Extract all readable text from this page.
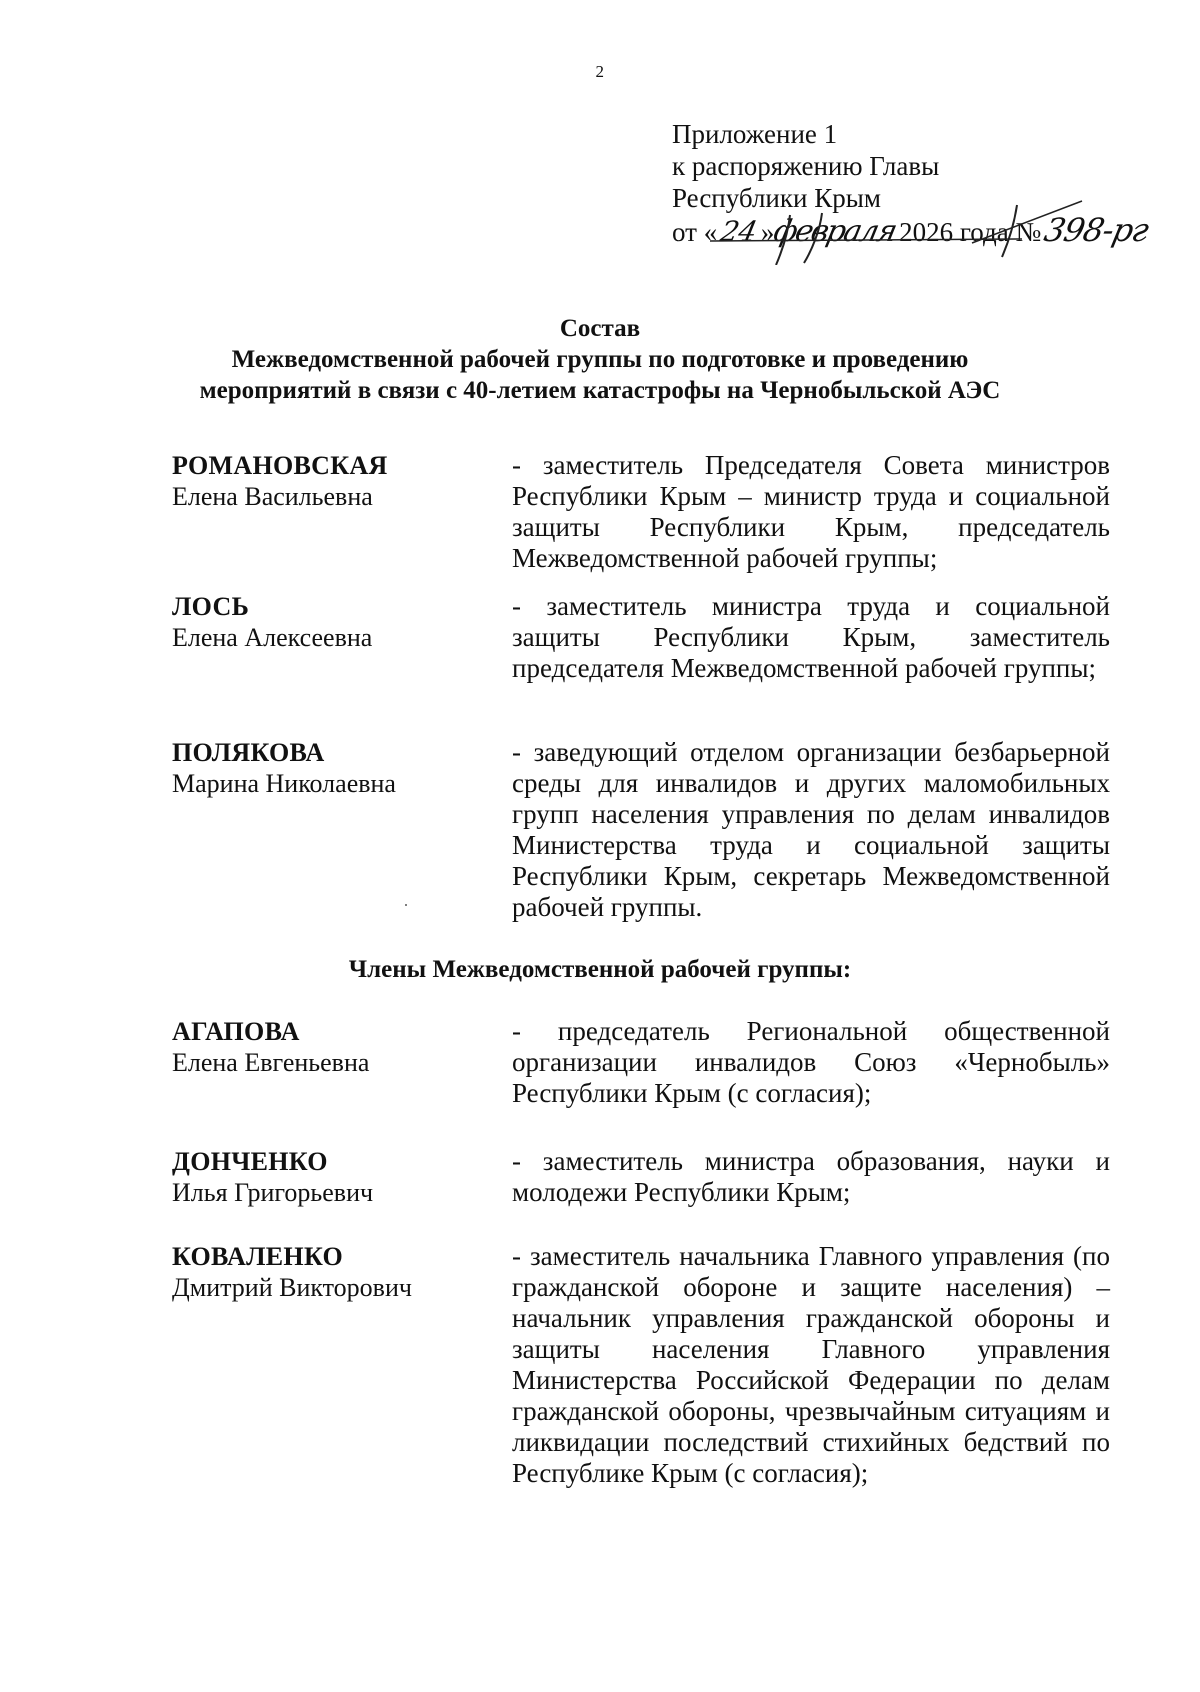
2
Приложение 1
к распоряжению Главы
Республики Крым
от «24»февраля2026 года №398-рг
Состав
Межведомственной рабочей группы по подготовке и проведению
мероприятий в связи с 40-летием катастрофы на Чернобыльской АЭС
РОМАНОВСКАЯ
Елена Васильевна
- заместитель Председателя Совета министров Республики Крым – министр труда и социальной защиты Республики Крым, председатель Межведомственной рабочей группы;
ЛОСЬ
Елена Алексеевна
- заместитель министра труда и социальной защиты Республики Крым, заместитель председателя Межведомственной рабочей группы;
ПОЛЯКОВА
Марина Николаевна
- заведующий отделом организации безбарьерной среды для инвалидов и других маломобильных групп населения управления по делам инвалидов Министерства труда и социальной защиты Республики Крым, секретарь Межведомственной рабочей группы.
Члены Межведомственной рабочей группы:
АГАПОВА
Елена Евгеньевна
- председатель Региональной общественной организации инвалидов Союз «Чернобыль» Республики Крым (с согласия);
ДОНЧЕНКО
Илья Григорьевич
- заместитель министра образования, науки и молодежи Республики Крым;
КОВАЛЕНКО
Дмитрий Викторович
- заместитель начальника Главного управления (по гражданской обороне и защите населения) – начальник управления гражданской обороны и защиты населения Главного управления Министерства Российской Федерации по делам гражданской обороны, чрезвычайным ситуациям и ликвидации последствий стихийных бедствий по Республике Крым (с согласия);
